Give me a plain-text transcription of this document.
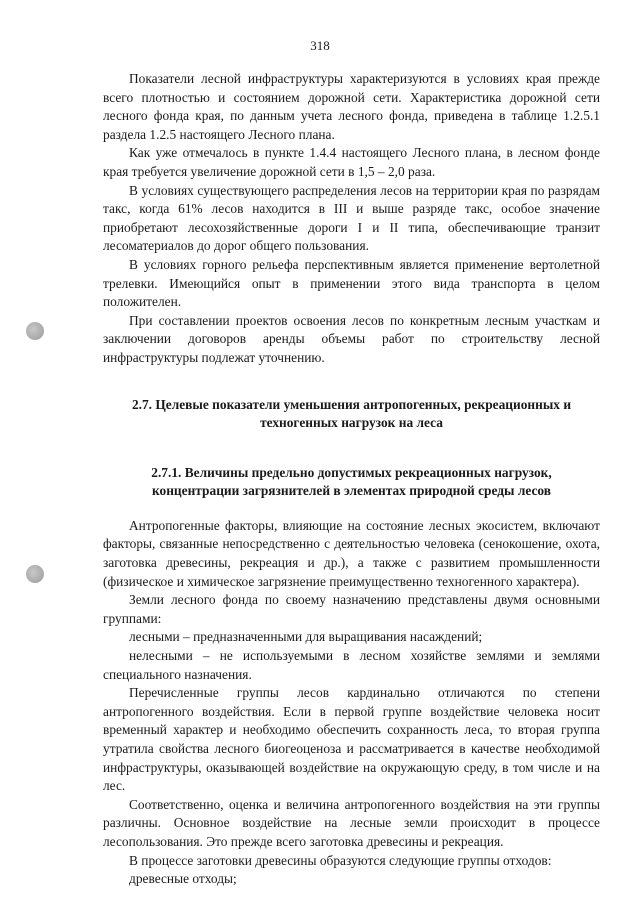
318

Показатели лесной инфраструктуры характеризуются в условиях края прежде всего плотностью и состоянием дорожной сети. Характеристика дорожной сети лесного фонда края, по данным учета лесного фонда, приведена в таблице 1.2.5.1 раздела 1.2.5 настоящего Лесного плана.

Как уже отмечалось в пункте 1.4.4 настоящего Лесного плана, в лесном фонде края требуется увеличение дорожной сети в 1,5 – 2,0 раза.

В условиях существующего распределения лесов на территории края по разрядам такс, когда 61% лесов находится в III и выше разряде такс, особое значение приобретают лесохозяйственные дороги I и II типа, обеспечивающие транзит лесоматериалов до дорог общего пользования.

В условиях горного рельефа перспективным является применение вертолетной трелевки. Имеющийся опыт в применении этого вида транспорта в целом положителен.

При составлении проектов освоения лесов по конкретным лесным участкам и заключении договоров аренды объемы работ по строительству лесной инфраструктуры подлежат уточнению.

2.7. Целевые показатели уменьшения антропогенных, рекреационных и

техногенных нагрузок на леса

2.7.1. Величины предельно допустимых рекреационных нагрузок,

концентрации загрязнителей в элементах природной среды лесов

Антропогенные факторы, влияющие на состояние лесных экосистем, включают факторы, связанные непосредственно с деятельностью человека (сенокошение, охота, заготовка древесины, рекреация и др.), а также с развитием промышленности (физическое и химическое загрязнение преимущественно техногенного характера).

Земли лесного фонда по своему назначению представлены двумя основными группами:

лесными – предназначенными для выращивания насаждений;

нелесными – не используемыми в лесном хозяйстве землями и землями специального назначения.

Перечисленные группы лесов кардинально отличаются по степени антропогенного воздействия. Если в первой группе воздействие человека носит временный характер и необходимо обеспечить сохранность леса, то вторая группа утратила свойства лесного биогеоценоза и рассматривается в качестве необходимой инфраструктуры, оказывающей воздействие на окружающую среду, в том числе и на лес.

Соответственно, оценка и величина антропогенного воздействия на эти группы различны. Основное воздействие на лесные земли происходит в процессе лесопользования. Это прежде всего заготовка древесины и рекреация.

В процессе заготовки древесины образуются следующие группы отходов:

древесные отходы;
